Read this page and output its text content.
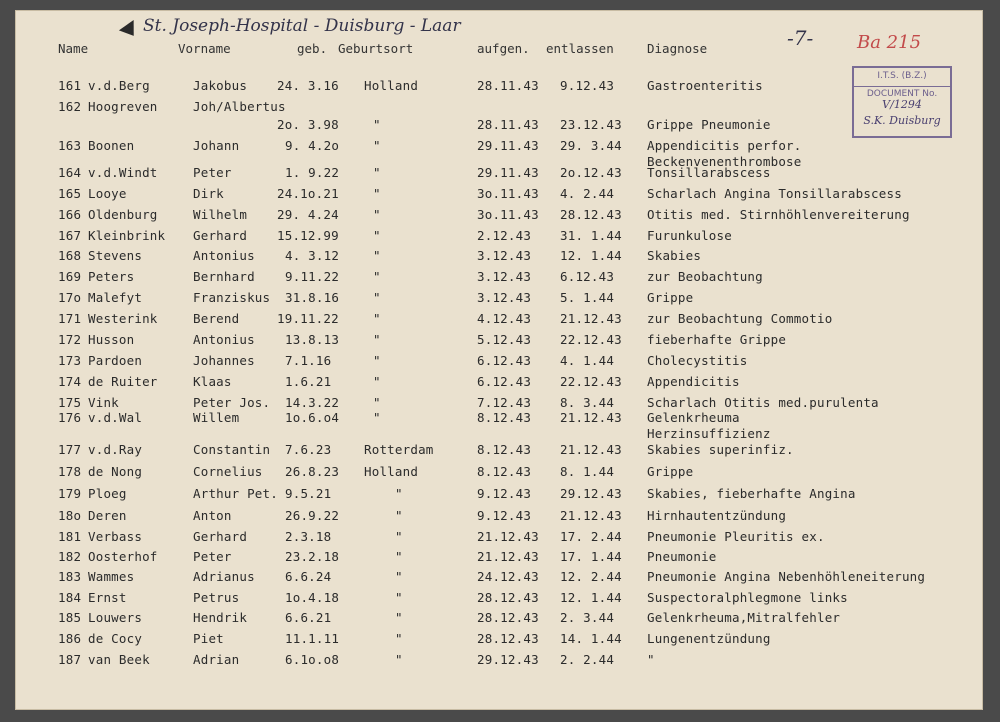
St. Joseph-Hospital - Duisburg - Laar	-7- Ba 215
Name	Vorname	geb. Geburtsort	aufgen. entlassen	Diagnose
I.T.S. (B.Z.)
DOCUMENT No.
V/1294
S.K. Duisburg
161 v.d.Berg	Jakobus 24. 3.16 Holland	28.11.43 9.12.43	Gastroenteritis
162 Hoogreven	Joh/Albertus
2o. 3.98	"	28.11.43 23.12.43 Grippe Pneumonie
163 Boonen	Johann	9. 4.2o	"	29.11.43 29. 3.44 Appendicitis perfor.
Beckenvenenthrombose
164 v.d.Windt	Peter	1. 9.22	"	29.11.43 2o.12.43 Tonsillarabscess
165 Looye	Dirk	24.1o.21	"	3o.11.43 4. 2.44	Scharlach Angina Tonsillarabscess
166 Oldenburg	Wilhelm 29. 4.24	"	3o.11.43 28.12.43 Otitis med. Stirnhöhlenvereiterung
167 Kleinbrink Gerhard 15.12.99	"	2.12.43 31. 1.44 Furunkulose
168 Stevens	Antonius 4. 3.12	"	3.12.43 12. 1.44 Skabies
169 Peters	Bernhard 9.11.22	"	3.12.43 6.12.43	zur Beobachtung
17o Malefyt	Franziskus 31.8.16	"	3.12.43 5. 1.44	Grippe
171 Westerink	Berend	19.11.22	"	4.12.43 21.12.43 zur Beobachtung Commotio
172 Husson	Antonius 13.8.13	"	5.12.43 22.12.43 fieberhafte Grippe
173 Pardoen	Johannes 7.1.16	"	6.12.43 4. 1.44	Cholecystitis
174 de Ruiter	Klaas	1.6.21	"	6.12.43 22.12.43 Appendicitis
175 Vink	Peter Jos. 14.3.22	"	7.12.43 8. 3.44	Scharlach Otitis med.purulenta
176 v.d.Wal	Willem	1o.6.o4	"	8.12.43 21.12.43 Gelenkrheuma
Herzinsuffizienz
177 v.d.Ray	Constantin 7.6.23	Rotterdam	8.12.43 21.12.43 Skabies superinfiz.
178 de Nong	Cornelius 26.8.23 Holland	8.12.43 8. 1.44	Grippe
179 Ploeg	Arthur Pet. 9.5.21	"	9.12.43 29.12.43 Skabies, fieberhafte Angina
18o Deren	Anton	26.9.22	"	9.12.43 21.12.43 Hirnhautentzündung
181 Verbass	Gerhard	2.3.18	"	21.12.43 17. 2.44 Pneumonie Pleuritis ex.
182 Oosterhof	Peter	23.2.18	"	21.12.43 17. 1.44 Pneumonie
183 Wammes	Adrianus 6.6.24	"	24.12.43 12. 2.44 Pneumonie Angina Nebenhöhleneiterung
184 Ernst	Petrus	1o.4.18	"	28.12.43 12. 1.44 Suspectoralphlegmone links
185 Louwers	Hendrik	6.6.21	"	28.12.43 2. 3.44	Gelenkrheuma,Mitralfehler
186 de Cocy	Piet	11.1.11	"	28.12.43 14. 1.44 Lungenentzündung
187 van Beek	Adrian	6.1o.o8	"	29.12.43 2. 2.44	"
